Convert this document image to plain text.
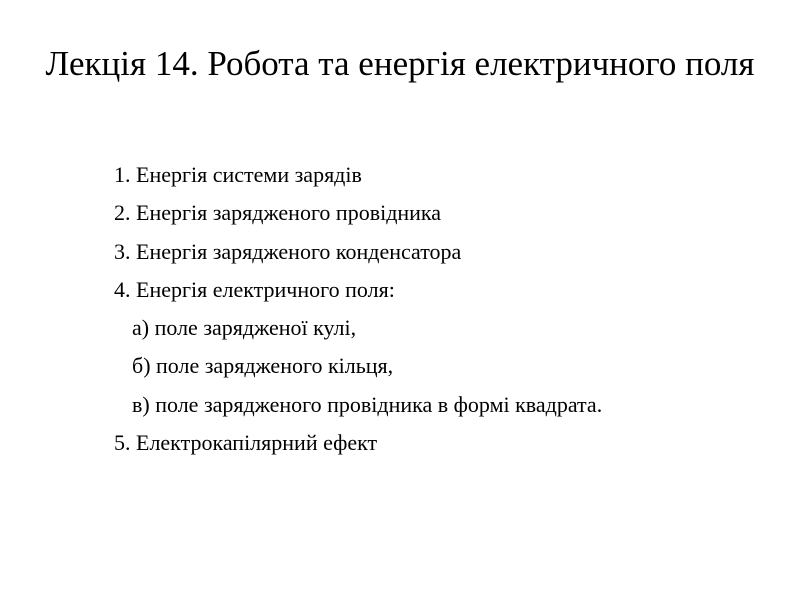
Лекція 14. Робота та енергія електричного поля
1. Енергія системи зарядів
2. Енергія зарядженого провідника
3. Енергія зарядженого конденсатора
4. Енергія електричного поля:
а) поле зарядженої кулі,
б) поле зарядженого кільця,
в) поле зарядженого провідника в формі квадрата.
5. Електрокапілярний ефект
